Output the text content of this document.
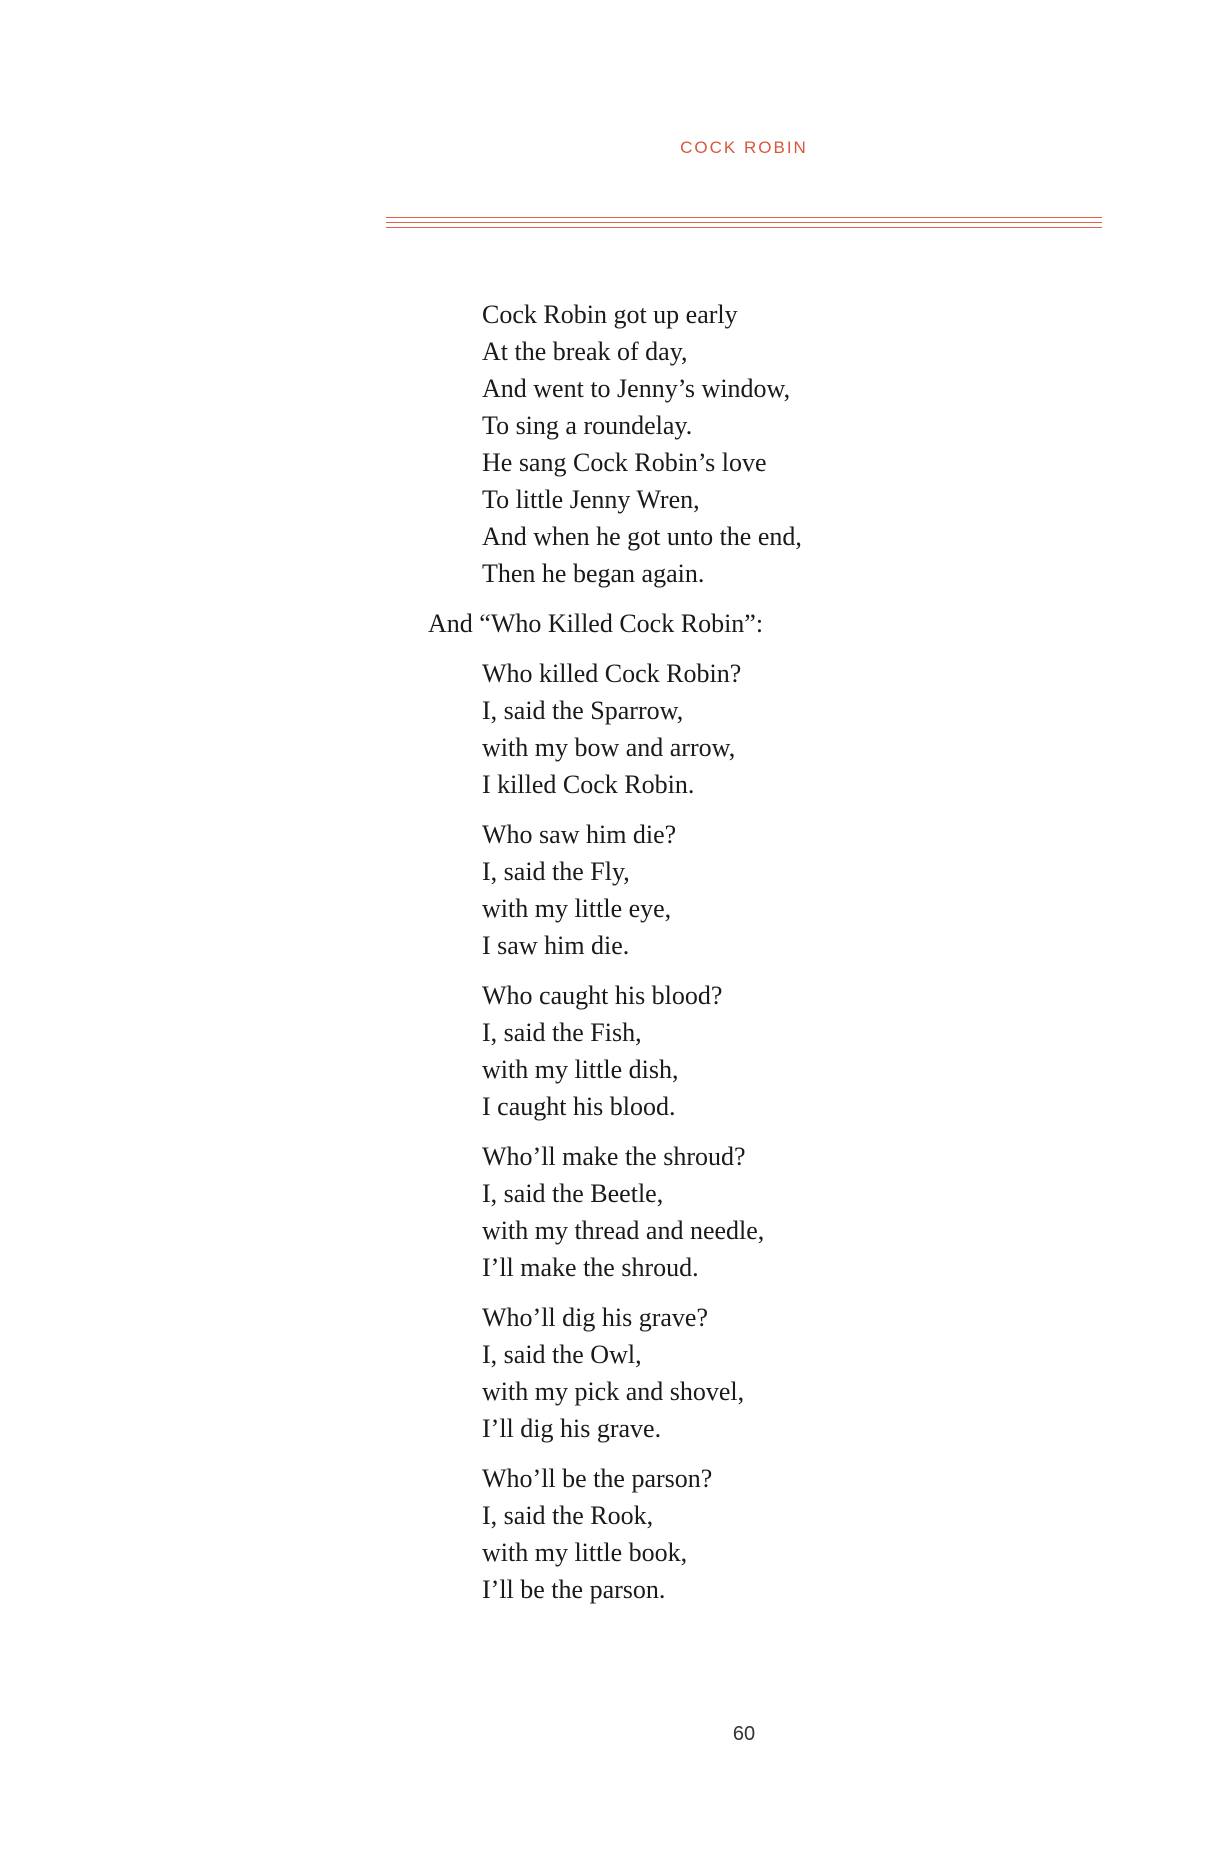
COCK ROBIN
Cock Robin got up early
At the break of day,
And went to Jenny’s window,
To sing a roundelay.
He sang Cock Robin’s love
To little Jenny Wren,
And when he got unto the end,
Then he began again.
And “Who Killed Cock Robin”:
Who killed Cock Robin?
I, said the Sparrow,
with my bow and arrow,
I killed Cock Robin.
Who saw him die?
I, said the Fly,
with my little eye,
I saw him die.
Who caught his blood?
I, said the Fish,
with my little dish,
I caught his blood.
Who’ll make the shroud?
I, said the Beetle,
with my thread and needle,
I’ll make the shroud.
Who’ll dig his grave?
I, said the Owl,
with my pick and shovel,
I’ll dig his grave.
Who’ll be the parson?
I, said the Rook,
with my little book,
I’ll be the parson.
60
